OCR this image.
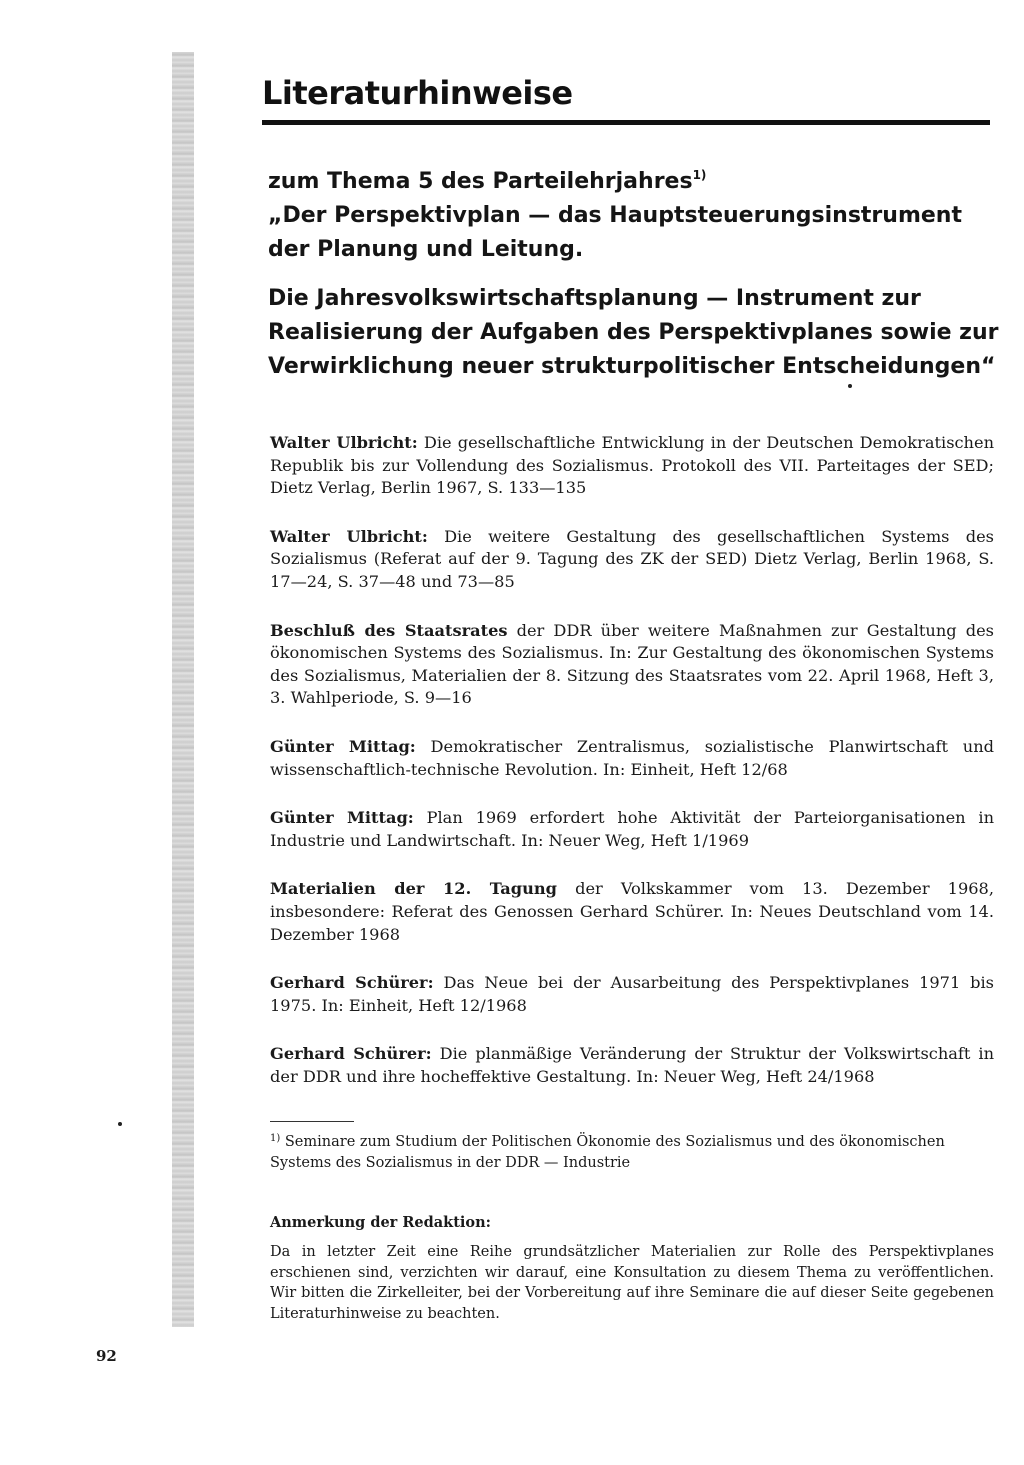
Literaturhinweise
zum Thema 5 des Parteilehrjahres$^{1)}$
„Der Perspektivplan — das Hauptsteuerungsinstrument
der Planung und Leitung.
Die Jahresvolkswirtschaftsplanung — Instrument zur
Realisierung der Aufgaben des Perspektivplanes sowie zur
Verwirklichung neuer strukturpolitischer Entscheidungen“

Walter Ulbricht: Die gesellschaftliche Entwicklung in der Deutschen Demokratischen Republik bis zur Vollendung des Sozialismus. Protokoll des VII. Parteitages der SED; Dietz Verlag, Berlin 1967, S. 133—135

Walter Ulbricht: Die weitere Gestaltung des gesellschaftlichen Systems des Sozialismus (Referat auf der 9. Tagung des ZK der SED) Dietz Verlag, Berlin 1968, S. 17—24, S. 37—48 und 73—85

Beschluß des Staatsrates der DDR über weitere Maßnahmen zur Gestaltung des ökonomischen Systems des Sozialismus. In: Zur Gestaltung des ökonomischen Systems des Sozialismus, Materialien der 8. Sitzung des Staatsrates vom 22. April 1968, Heft 3, 3. Wahlperiode, S. 9—16

Günter Mittag: Demokratischer Zentralismus, sozialistische Planwirtschaft und wissenschaftlich-technische Revolution. In: Einheit, Heft 12/68

Günter Mittag: Plan 1969 erfordert hohe Aktivität der Parteiorganisationen in Industrie und Landwirtschaft. In: Neuer Weg, Heft 1/1969

Materialien der 12. Tagung der Volkskammer vom 13. Dezember 1968, insbesondere: Referat des Genossen Gerhard Schürer. In: Neues Deutschland vom 14. Dezember 1968

Gerhard Schürer: Das Neue bei der Ausarbeitung des Perspektivplanes 1971 bis 1975. In: Einheit, Heft 12/1968

Gerhard Schürer: Die planmäßige Veränderung der Struktur der Volkswirtschaft in der DDR und ihre hocheffektive Gestaltung. In: Neuer Weg, Heft 24/1968

$^{1)}$ Seminare zum Studium der Politischen Ökonomie des Sozialismus und des ökonomischen Systems des Sozialismus in der DDR — Industrie

Anmerkung der Redaktion:

Da in letzter Zeit eine Reihe grundsätzlicher Materialien zur Rolle des Perspektivplanes erschienen sind, verzichten wir darauf, eine Konsultation zu diesem Thema zu veröffentlichen. Wir bitten die Zirkelleiter, bei der Vorbereitung auf ihre Seminare die auf dieser Seite gegebenen Literaturhinweise zu beachten.

92
